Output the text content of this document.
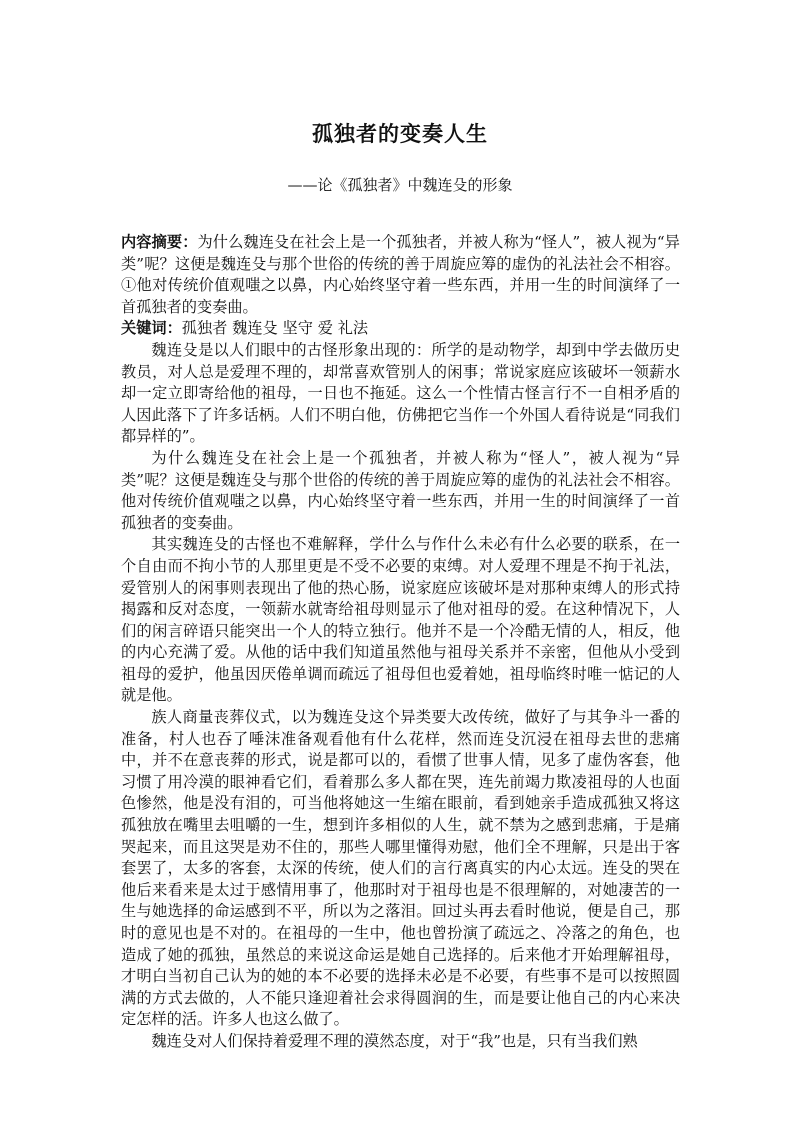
孤独者的变奏人生

——论《孤独者》中魏连殳的形象

内容摘要：为什么魏连殳在社会上是一个孤独者，并被人称为“怪人”，被人视为“异类”呢？这便是魏连殳与那个世俗的传统的善于周旋应筹的虚伪的礼法社会不相容。①他对传统价值观嗤之以鼻，内心始终坚守着一些东西，并用一生的时间演绎了一首孤独者的变奏曲。

关键词：孤独者 魏连殳 坚守 爱 礼法

魏连殳是以人们眼中的古怪形象出现的：所学的是动物学，却到中学去做历史教员，对人总是爱理不理的，却常喜欢管别人的闲事；常说家庭应该破坏一领薪水却一定立即寄给他的祖母，一日也不拖延。这么一个性情古怪言行不一自相矛盾的人因此落下了许多话柄。人们不明白他，仿佛把它当作一个外国人看待说是“同我们都异样的”。

为什么魏连殳在社会上是一个孤独者，并被人称为“怪人”，被人视为“异类”呢？这便是魏连殳与那个世俗的传统的善于周旋应筹的虚伪的礼法社会不相容。他对传统价值观嗤之以鼻，内心始终坚守着一些东西，并用一生的时间演绎了一首孤独者的变奏曲。

其实魏连殳的古怪也不难解释，学什么与作什么未必有什么必要的联系，在一个自由而不拘小节的人那里更是不受不必要的束缚。对人爱理不理是不拘于礼法，爱管别人的闲事则表现出了他的热心肠，说家庭应该破坏是对那种束缚人的形式持揭露和反对态度，一领薪水就寄给祖母则显示了他对祖母的爱。在这种情况下，人们的闲言碎语只能突出一个人的特立独行。他并不是一个冷酷无情的人，相反，他的内心充满了爱。从他的话中我们知道虽然他与祖母关系并不亲密，但他从小受到祖母的爱护，他虽因厌倦单调而疏远了祖母但也爱着她，祖母临终时唯一惦记的人就是他。

族人商量丧葬仪式，以为魏连殳这个异类要大改传统，做好了与其争斗一番的准备，村人也吞了唾沫准备观看他有什么花样，然而连殳沉浸在祖母去世的悲痛中，并不在意丧葬的形式，说是都可以的，看惯了世事人情，见多了虚伪客套，他习惯了用冷漠的眼神看它们，看着那么多人都在哭，连先前竭力欺凌祖母的人也面色惨然，他是没有泪的，可当他将她这一生缩在眼前，看到她亲手造成孤独又将这孤独放在嘴里去咀嚼的一生，想到许多相似的人生，就不禁为之感到悲痛，于是痛哭起来，而且这哭是劝不住的，那些人哪里懂得劝慰，他们全不理解，只是出于客套罢了，太多的客套，太深的传统，使人们的言行离真实的内心太远。连殳的哭在他后来看来是太过于感情用事了，他那时对于祖母也是不很理解的，对她凄苦的一生与她选择的命运感到不平，所以为之落泪。回过头再去看时他说，便是自己，那时的意见也是不对的。在祖母的一生中，他也曾扮演了疏远之、冷落之的角色，也造成了她的孤独，虽然总的来说这命运是她自己选择的。后来他才开始理解祖母，才明白当初自己认为的她的本不必要的选择未必是不必要，有些事不是可以按照圆满的方式去做的，人不能只逢迎着社会求得圆润的生，而是要让他自己的内心来决定怎样的活。许多人也这么做了。

魏连殳对人们保持着爱理不理的漠然态度，对于“我”也是，只有当我们熟
